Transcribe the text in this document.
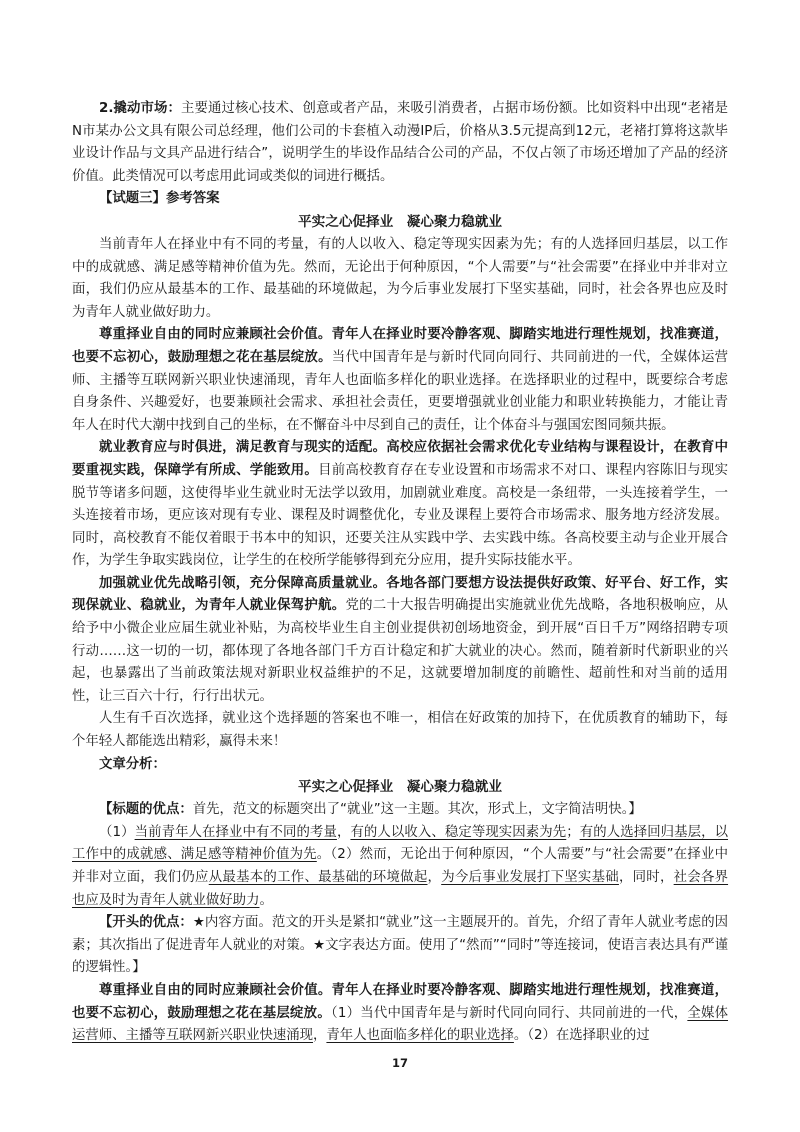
2.撬动市场：主要通过核心技术、创意或者产品，来吸引消费者，占据市场份额。比如资料中出现“老褚是N市某办公文具有限公司总经理，他们公司的卡套植入动漫IP后，价格从3.5元提高到12元，老褚打算将这款毕业设计作品与文具产品进行结合”，说明学生的毕设作品结合公司的产品，不仅占领了市场还增加了产品的经济价值。此类情况可以考虑用此词或类似的词进行概括。

【试题三】参考答案

平实之心促择业　凝心聚力稳就业

当前青年人在择业中有不同的考量，有的人以收入、稳定等现实因素为先；有的人选择回归基层，以工作中的成就感、满足感等精神价值为先。然而，无论出于何种原因，“个人需要”与“社会需要”在择业中并非对立面，我们仍应从最基本的工作、最基础的环境做起，为今后事业发展打下坚实基础，同时，社会各界也应及时为青年人就业做好助力。

尊重择业自由的同时应兼顾社会价值。青年人在择业时要冷静客观、脚踏实地进行理性规划，找准赛道，也要不忘初心，鼓励理想之花在基层绽放。当代中国青年是与新时代同向同行、共同前进的一代，全媒体运营师、主播等互联网新兴职业快速涌现，青年人也面临多样化的职业选择。在选择职业的过程中，既要综合考虑自身条件、兴趣爱好，也要兼顾社会需求、承担社会责任，更要增强就业创业能力和职业转换能力，才能让青年人在时代大潮中找到自己的坐标，在不懈奋斗中尽到自己的责任，让个体奋斗与强国宏图同频共振。

就业教育应与时俱进，满足教育与现实的适配。高校应依据社会需求优化专业结构与课程设计，在教育中要重视实践，保障学有所成、学能致用。目前高校教育存在专业设置和市场需求不对口、课程内容陈旧与现实脱节等诸多问题，这使得毕业生就业时无法学以致用，加剧就业难度。高校是一条纽带，一头连接着学生，一头连接着市场，更应该对现有专业、课程及时调整优化，专业及课程上要符合市场需求、服务地方经济发展。同时，高校教育不能仅着眼于书本中的知识，还要关注从实践中学、去实践中练。各高校要主动与企业开展合作，为学生争取实践岗位，让学生的在校所学能够得到充分应用，提升实际技能水平。

加强就业优先战略引领，充分保障高质量就业。各地各部门要想方设法提供好政策、好平台、好工作，实现保就业、稳就业，为青年人就业保驾护航。党的二十大报告明确提出实施就业优先战略，各地积极响应，从给予中小微企业应届生就业补贴，为高校毕业生自主创业提供初创场地资金，到开展“百日千万”网络招聘专项行动……这一切的一切，都体现了各地各部门千方百计稳定和扩大就业的决心。然而，随着新时代新职业的兴起，也暴露出了当前政策法规对新职业权益维护的不足，这就要增加制度的前瞻性、超前性和对当前的适用性，让三百六十行，行行出状元。

人生有千百次选择，就业这个选择题的答案也不唯一，相信在好政策的加持下，在优质教育的辅助下，每个年轻人都能选出精彩，赢得未来！

文章分析：

平实之心促择业　凝心聚力稳就业

【标题的优点：首先，范文的标题突出了“就业”这一主题。其次，形式上，文字简洁明快。】

（1）当前青年人在择业中有不同的考量，有的人以收入、稳定等现实因素为先；有的人选择回归基层，以工作中的成就感、满足感等精神价值为先。（2）然而，无论出于何种原因，“个人需要”与“社会需要”在择业中并非对立面，我们仍应从最基本的工作、最基础的环境做起，为今后事业发展打下坚实基础，同时，社会各界也应及时为青年人就业做好助力。

【开头的优点：★内容方面。范文的开头是紧扣“就业”这一主题展开的。首先，介绍了青年人就业考虑的因素；其次指出了促进青年人就业的对策。★文字表达方面。使用了“然而”“同时”等连接词，使语言表达具有严谨的逻辑性。】

尊重择业自由的同时应兼顾社会价值。青年人在择业时要冷静客观、脚踏实地进行理性规划，找准赛道，也要不忘初心，鼓励理想之花在基层绽放。（1）当代中国青年是与新时代同向同行、共同前进的一代，全媒体运营师、主播等互联网新兴职业快速涌现，青年人也面临多样化的职业选择。（2）在选择职业的过

17
